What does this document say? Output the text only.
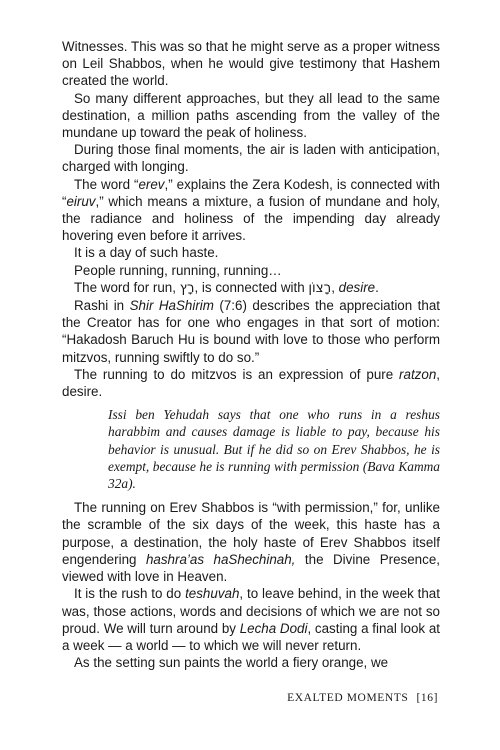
Witnesses. This was so that he might serve as a proper witness on Leil Shabbos, when he would give testimony that Hashem created the world.

So many different approaches, but they all lead to the same destination, a million paths ascending from the valley of the mundane up toward the peak of holiness.

During those final moments, the air is laden with anticipation, charged with longing.

The word “erev,” explains the Zera Kodesh, is connected with “eiruv,” which means a mixture, a fusion of mundane and holy, the radiance and holiness of the impending day already hovering even before it arrives.

It is a day of such haste.

People running, running, running…

The word for run, רָץ, is connected with רָצוֹן, desire.

Rashi in Shir HaShirim (7:6) describes the appreciation that the Creator has for one who engages in that sort of motion: “Hakadosh Baruch Hu is bound with love to those who perform mitzvos, running swiftly to do so.”

The running to do mitzvos is an expression of pure ratzon, desire.

Issi ben Yehudah says that one who runs in a reshus harabbim and causes damage is liable to pay, because his behavior is unusual. But if he did so on Erev Shabbos, he is exempt, because he is running with permission (Bava Kamma 32a).

The running on Erev Shabbos is “with permission,” for, unlike the scramble of the six days of the week, this haste has a purpose, a destination, the holy haste of Erev Shabbos itself engendering hashra’as haShechinah, the Divine Presence, viewed with love in Heaven.

It is the rush to do teshuvah, to leave behind, in the week that was, those actions, words and decisions of which we are not so proud. We will turn around by Lecha Dodi, casting a final look at a week — a world — to which we will never return.

As the setting sun paints the world a fiery orange, we

EXALTED MOMENTS [16]
